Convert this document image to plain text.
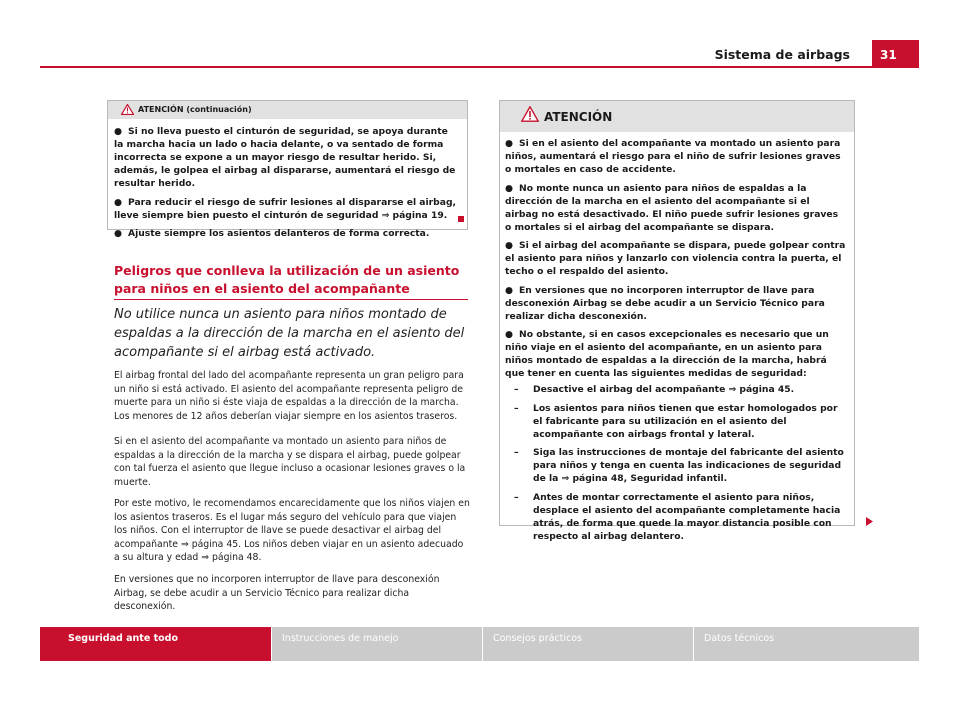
Sistema de airbags	31
ATENCIÓN (continuación)

● Si no lleva puesto el cinturón de seguridad, se apoya durante la marcha hacia un lado o hacia delante, o va sentado de forma incorrecta se expone a un mayor riesgo de resultar herido. Si, además, le golpea el airbag al dispararse, aumentará el riesgo de resultar herido.

● Para reducir el riesgo de sufrir lesiones al dispararse el airbag, lleve siempre bien puesto el cinturón de seguridad ⇒ página 19.

● Ajuste siempre los asientos delanteros de forma correcta.

Peligros que conlleva la utilización de un asiento para niños en el asiento del acompañante
No utilice nunca un asiento para niños montado de espaldas a la dirección de la marcha en el asiento del acompañante si el airbag está activado.
El airbag frontal del lado del acompañante representa un gran peligro para un niño si está activado. El asiento del acompañante representa peligro de muerte para un niño si éste viaja de espaldas a la dirección de la marcha. Los menores de 12 años deberían viajar siempre en los asientos traseros.
Si en el asiento del acompañante va montado un asiento para niños de espaldas a la dirección de la marcha y se dispara el airbag, puede golpear con tal fuerza el asiento que llegue incluso a ocasionar lesiones graves o la muerte.
Por este motivo, le recomendamos encarecidamente que los niños viajen en los asientos traseros. Es el lugar más seguro del vehículo para que viajen los niños. Con el interruptor de llave se puede desactivar el airbag del acompañante ⇒ página 45. Los niños deben viajar en un asiento adecuado a su altura y edad ⇒ página 48.
En versiones que no incorporen interruptor de llave para desconexión Airbag, se debe acudir a un Servicio Técnico para realizar dicha desconexión.
ATENCIÓN

● Si en el asiento del acompañante va montado un asiento para niños, aumentará el riesgo para el niño de sufrir lesiones graves o mortales en caso de accidente.

● No monte nunca un asiento para niños de espaldas a la dirección de la marcha en el asiento del acompañante si el airbag no está desactivado. El niño puede sufrir lesiones graves o mortales si el airbag del acompañante se dispara.

● Si el airbag del acompañante se dispara, puede golpear contra el asiento para niños y lanzarlo con violencia contra la puerta, el techo o el respaldo del asiento.

● En versiones que no incorporen interruptor de llave para desconexión Airbag se debe acudir a un Servicio Técnico para realizar dicha desconexión.

● No obstante, si en casos excepcionales es necesario que un niño viaje en el asiento del acompañante, en un asiento para niños montado de espaldas a la dirección de la marcha, habrá que tener en cuenta las siguientes medidas de seguridad:

– Desactive el airbag del acompañante ⇒ página 45.

– Los asientos para niños tienen que estar homologados por el fabricante para su utilización en el asiento del acompañante con airbags frontal y lateral.

– Siga las instrucciones de montaje del fabricante del asiento para niños y tenga en cuenta las indicaciones de seguridad de la ⇒ página 48, Seguridad infantil.

– Antes de montar correctamente el asiento para niños, desplace el asiento del acompañante completamente hacia atrás, de forma que quede la mayor distancia posible con respecto al airbag delantero.

Seguridad ante todo	Instrucciones de manejo	Consejos prácticos	Datos técnicos
